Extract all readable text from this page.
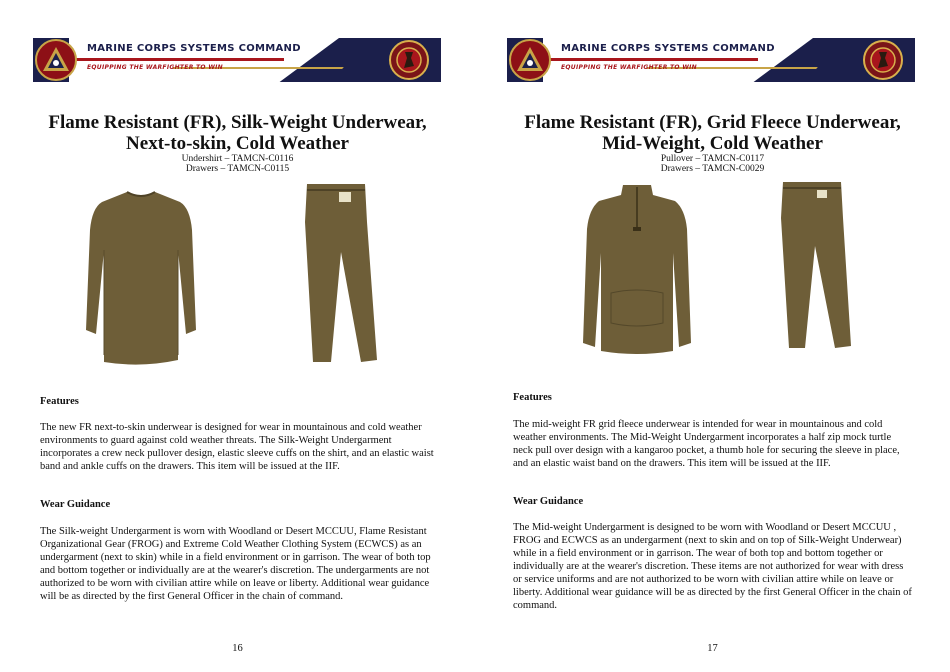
MARINE CORPS SYSTEMS COMMAND
EQUIPPING THE WARFIGHTER TO WIN
Flame Resistant (FR), Silk-Weight Underwear,
Next-to-skin, Cold Weather
Undershirt – TAMCN-C0116
Drawers – TAMCN-C0115
Features
The new FR next-to-skin underwear is designed for wear in mountainous and cold weather environments to guard against cold weather threats. The Silk-Weight Undergarment incorporates a crew neck pullover design, elastic sleeve cuffs on the shirt, and an elastic waist band and ankle cuffs on the drawers. This item will be issued at the IIF.
Wear Guidance
The Silk-weight Undergarment is worn with Woodland or Desert MCCUU, Flame Resistant Organizational Gear (FROG) and Extreme Cold Weather Clothing System (ECWCS) as an undergarment (next to skin) while in a field environment or in garrison. The wear of both top and bottom together or individually are at the wearer's discretion. The undergarments are not authorized to be worn with civilian attire while on leave or liberty. Additional wear guidance will be as directed by the first General Officer in the chain of command.
16
MARINE CORPS SYSTEMS COMMAND
EQUIPPING THE WARFIGHTER TO WIN
Flame Resistant (FR), Grid Fleece Underwear,
Mid-Weight, Cold Weather
Pullover – TAMCN-C0117
Drawers – TAMCN-C0029
Features
The mid-weight FR grid fleece underwear is intended for wear in mountainous and cold weather environments. The Mid-Weight Undergarment incorporates a half zip mock turtle neck pull over design with a kangaroo pocket, a thumb hole for securing the sleeve in place, and an elastic waist band on the drawers. This item will be issued at the IIF.
Wear Guidance
The Mid-weight Undergarment is designed to be worn with Woodland or Desert MCCUU , FROG and ECWCS as an undergarment (next to skin and on top of Silk-Weight Underwear) while in a field environment or in garrison. The wear of both top and bottom together or individually are at the wearer's discretion. These items are not authorized for wear with dress or service uniforms and are not authorized to be worn with civilian attire while on leave or liberty. Additional wear guidance will be as directed by the first General Officer in the chain of command.
17
